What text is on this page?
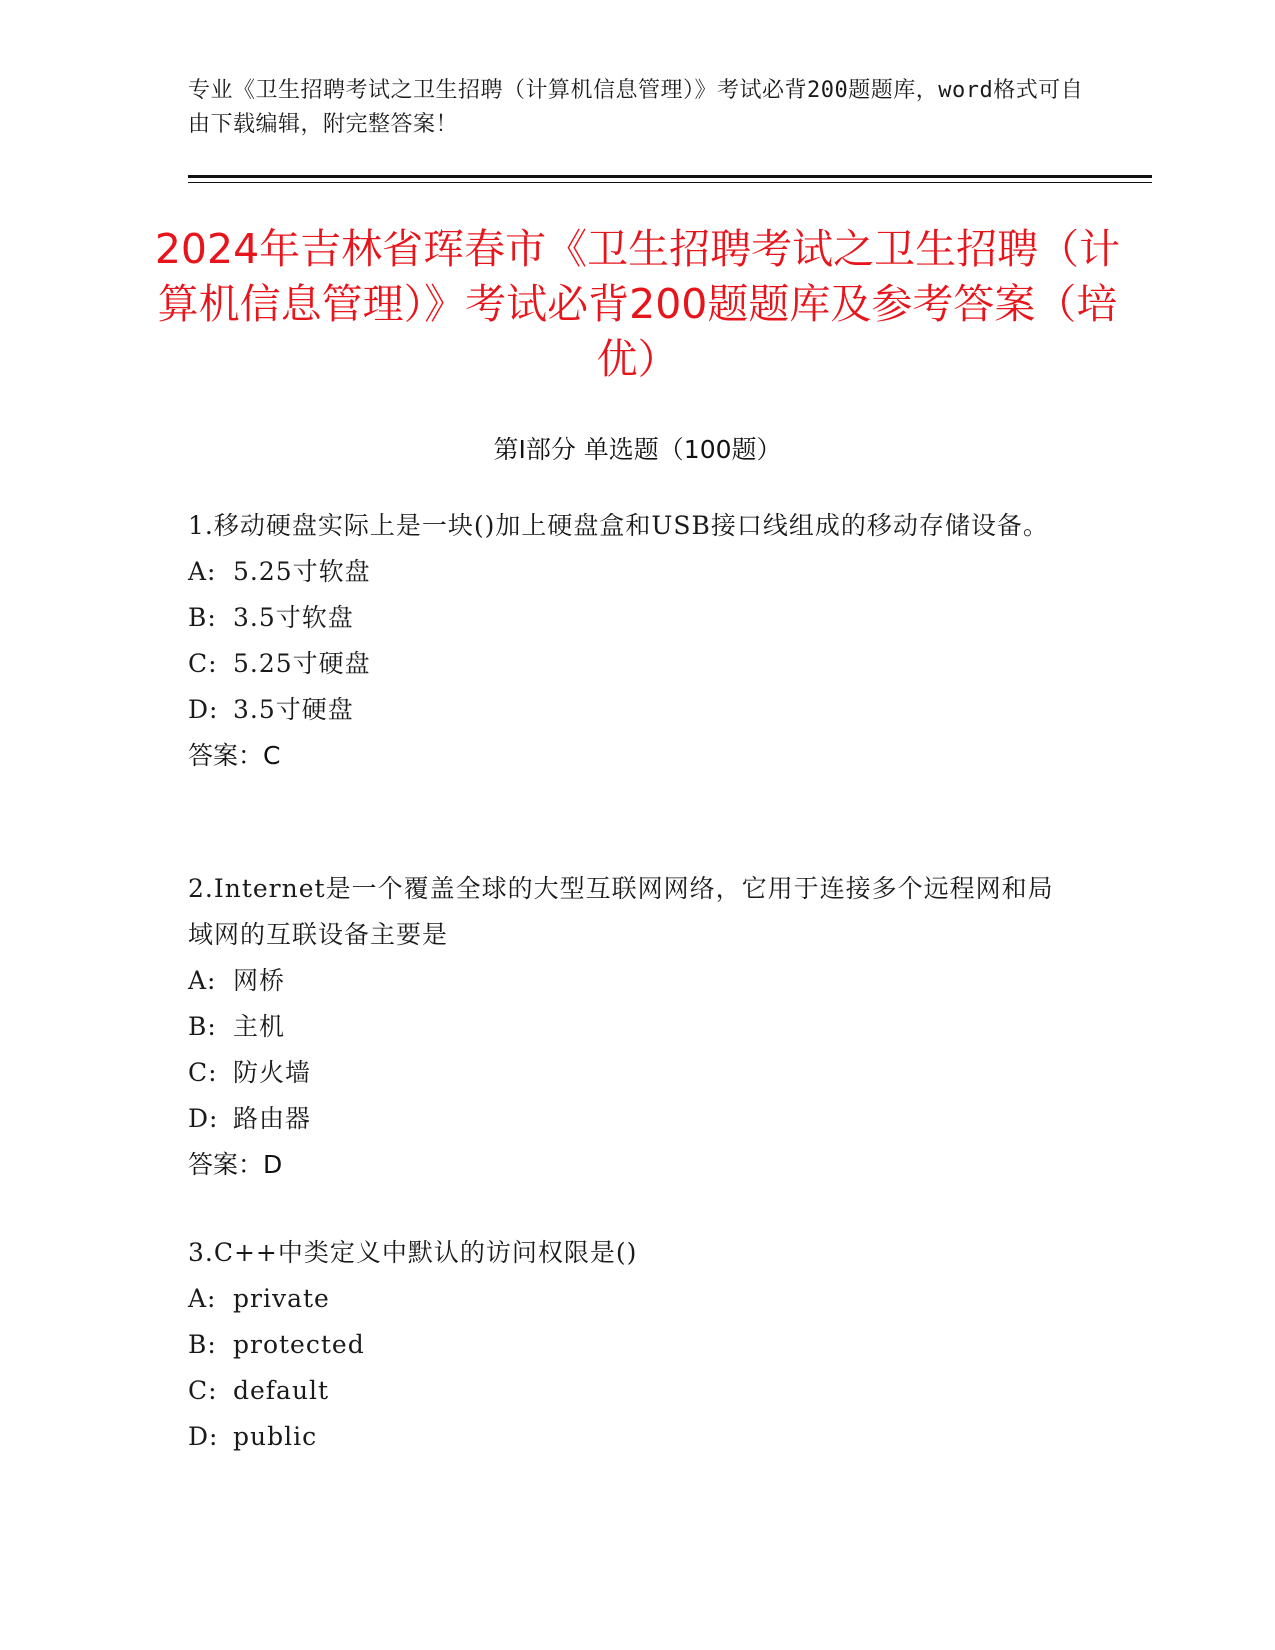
专业《卫生招聘考试之卫生招聘（计算机信息管理）》考试必背200题题库，word格式可自由下载编辑，附完整答案！
2024年吉林省珲春市《卫生招聘考试之卫生招聘（计算机信息管理）》考试必背200题题库及参考答案（培优）
第Ⅰ部分 单选题（100题）
1.移动硬盘实际上是一块()加上硬盘盒和USB接口线组成的移动存储设备。
A: 5.25寸软盘
B: 3.5寸软盘
C: 5.25寸硬盘
D: 3.5寸硬盘
答案：C
2.Internet是一个覆盖全球的大型互联网网络，它用于连接多个远程网和局域网的互联设备主要是
A: 网桥
B: 主机
C: 防火墙
D: 路由器
答案：D
3.C++中类定义中默认的访问权限是()
A: private
B: protected
C: default
D: public
